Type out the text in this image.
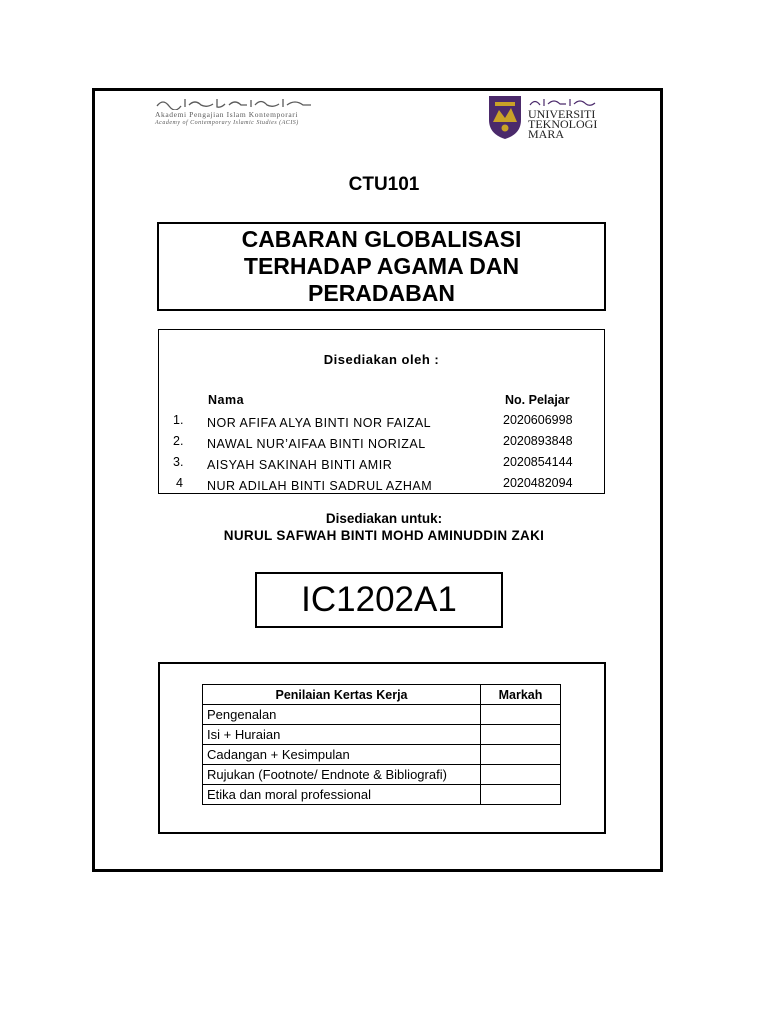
Akademi Pengajian Islam Kontemporari
Academy of Contemporary Islamic Studies (ACIS)
UNIVERSITI
TEKNOLOGI
MARA
CTU101
CABARAN GLOBALISASI
TERHADAP AGAMA DAN
PERADABAN
Disediakan oleh :
Nama	No. Pelajar
1. NOR AFIFA ALYA BINTI NOR FAIZAL	2020606998
2. NAWAL NUR’AIFAA BINTI NORIZAL	2020893848
3. AISYAH SAKINAH BINTI AMIR	2020854144
4 NUR ADILAH BINTI SADRUL AZHAM	2020482094
Disediakan untuk:
NURUL SAFWAH BINTI MOHD AMINUDDIN ZAKI
IC1202A1
Penilaian Kertas Kerja	Markah
Pengenalan	
Isi + Huraian	
Cadangan + Kesimpulan	
Rujukan (Footnote/ Endnote & Bibliografi)	
Etika dan moral professional	
